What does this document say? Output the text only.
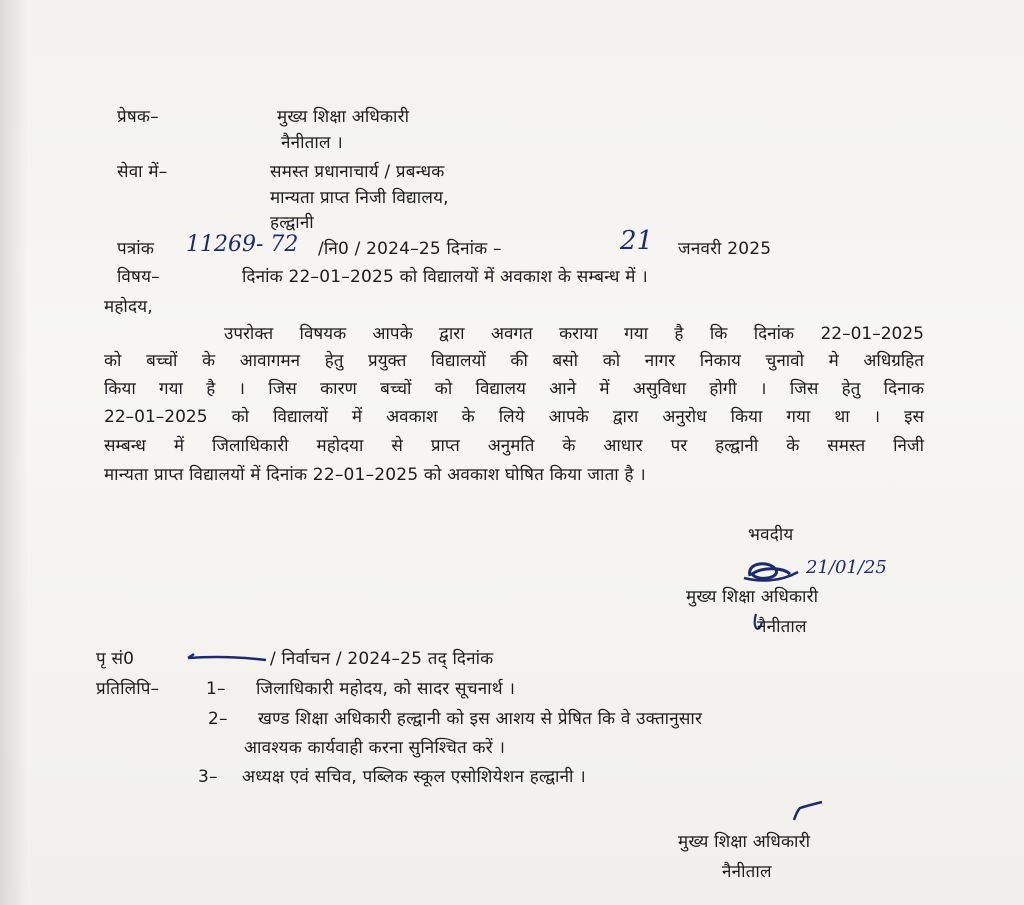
प्रेषक–	मुख्य शिक्षा अधिकारी
नैनीताल ।
सेवा में–	समस्त प्रधानाचार्य / प्रबन्धक
मान्यता प्राप्त निजी विद्यालय,
हल्द्वानी
पत्रांक 11269- 72 /नि0 / 2024–25 दिनांक –	21 जनवरी 2025
विषय–	दिनांक 22–01–2025 को विद्यालयों में अवकाश के सम्बन्ध में ।
महोदय,
उपरोक्त विषयक आपके द्वारा अवगत कराया गया है कि दिनांक 22–01–2025
को बच्चों के आवागमन हेतु प्रयुक्त विद्यालयों की बसो को नागर निकाय चुनावो मे अधिग्रहित
किया गया है । जिस कारण बच्चों को विद्यालय आने में असुविधा होगी । जिस हेतु दिनाक
22–01–2025 को विद्यालयों में अवकाश के लिये आपके द्वारा अनुरोध किया गया था । इस
सम्बन्ध में जिलाधिकारी महोदया से प्राप्त अनुमति के आधार पर हल्द्वानी के समस्त निजी
मान्यता प्राप्त विद्यालयों में दिनांक 22–01–2025 को अवकाश घोषित किया जाता है ।
भवदीय
21/01/25
मुख्य शिक्षा अधिकारी
नैनीताल
पृ सं0	/ निर्वाचन / 2024–25 तद् दिनांक
प्रतिलिपि–	1– जिलाधिकारी महोदय, को सादर सूचनार्थ ।
2– खण्ड शिक्षा अधिकारी हल्द्वानी को इस आशय से प्रेषित कि वे उक्तानुसार
आवश्यक कार्यवाही करना सुनिश्चित करें ।
3– अध्यक्ष एवं सचिव, पब्लिक स्कूल एसोशियेशन हल्द्वानी ।
मुख्य शिक्षा अधिकारी
नैनीताल
